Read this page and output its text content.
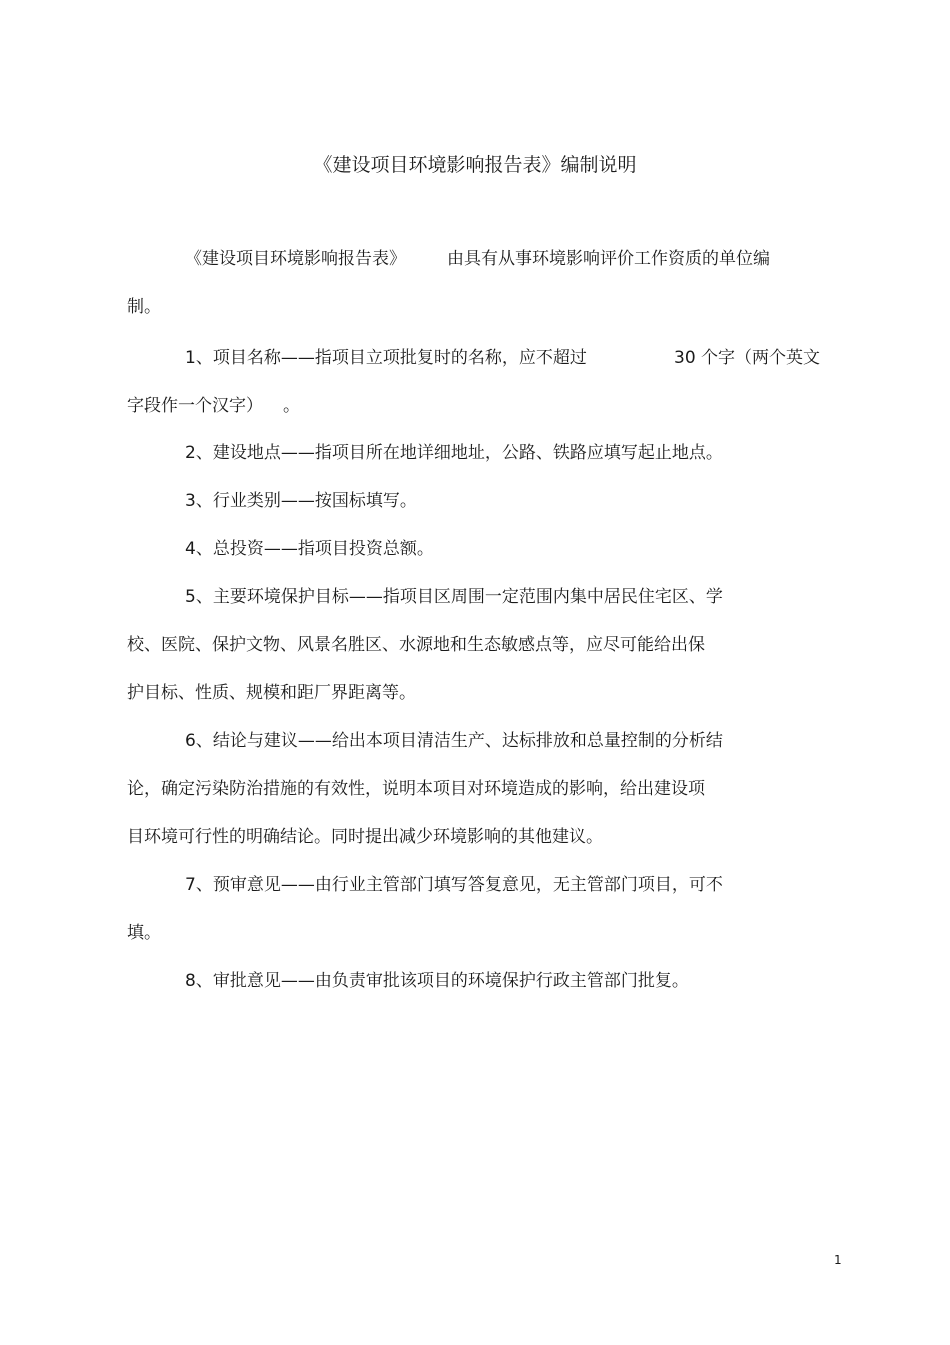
《建设项目环境影响报告表》编制说明
《建设项目环境影响报告表》 由具有从事环境影响评价工作资质的单位编
制。
1、项目名称——指项目立项批复时的名称，应不超过	30 个字（两个英文
字段作一个汉字） 。
2、建设地点——指项目所在地详细地址，公路、铁路应填写起止地点。
3、行业类别——按国标填写。
4、总投资——指项目投资总额。
5、主要环境保护目标——指项目区周围一定范围内集中居民住宅区、学
校、医院、保护文物、风景名胜区、水源地和生态敏感点等，应尽可能给出保
护目标、性质、规模和距厂界距离等。
6、结论与建议——给出本项目清洁生产、达标排放和总量控制的分析结
论，确定污染防治措施的有效性，说明本项目对环境造成的影响，给出建设项
目环境可行性的明确结论。同时提出减少环境影响的其他建议。
7、预审意见——由行业主管部门填写答复意见，无主管部门项目，可不
填。
8、审批意见——由负责审批该项目的环境保护行政主管部门批复。
1
